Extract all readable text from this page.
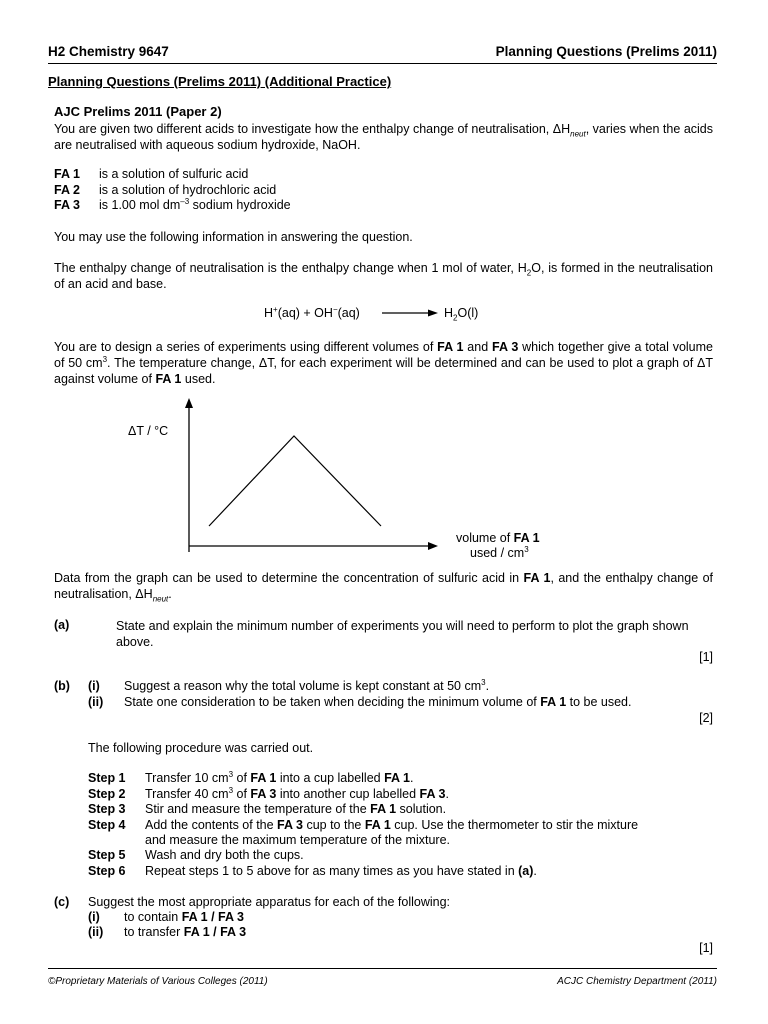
H2 Chemistry 9647	Planning Questions (Prelims 2011)
Planning Questions (Prelims 2011) (Additional Practice)
AJC Prelims 2011 (Paper 2)
You are given two different acids to investigate how the enthalpy change of neutralisation, $\Delta H_{neut}$, varies when the acids are neutralised with aqueous sodium hydroxide, NaOH.
FA 1 is a solution of sulfuric acid
FA 2 is a solution of hydrochloric acid
FA 3 is 1.00 mol $dm^{-3}$ sodium hydroxide
You may use the following information in answering the question.
The enthalpy change of neutralisation is the enthalpy change when 1 mol of water, $H_2O$, is formed in the neutralisation of an acid and base.
H+(aq) + OH−(aq)	$H_2O(l)$
You are to design a series of experiments using different volumes of FA 1 and FA 3 which together give a total volume of 50 $cm^3$. The temperature change, ΔT, for each experiment will be determined and can be used to plot a graph of ΔT against volume of FA 1 used.
ΔT / °C
volume of FA 1
used / $cm^3$
Data from the graph can be used to determine the concentration of sulfuric acid in FA 1, and the enthalpy change of neutralisation, $\Delta H_{neut}$.
(a)	State and explain the minimum number of experiments you will need to perform to plot the graph shown above.
[1]
(b) (i) Suggest a reason why the total volume is kept constant at 50 $cm^3$.
(ii) State one consideration to be taken when deciding the minimum volume of FA 1 to be used.
[2]
The following procedure was carried out.
Step 1 Transfer 10 $cm^3$ of FA 1 into a cup labelled FA 1.
Step 2 Transfer 40 $cm^3$ of FA 3 into another cup labelled FA 3.
Step 3 Stir and measure the temperature of the FA 1 solution.
Step 4 Add the contents of the FA 3 cup to the FA 1 cup. Use the thermometer to stir the mixture
and measure the maximum temperature of the mixture.
Step 5 Wash and dry both the cups.
Step 6 Repeat steps 1 to 5 above for as many times as you have stated in (a).
(c) Suggest the most appropriate apparatus for each of the following:
(i) to contain FA 1 / FA 3
(ii) to transfer FA 1 / FA 3
[1]
©Proprietary Materials of Various Colleges (2011)	ACJC Chemistry Department (2011)
